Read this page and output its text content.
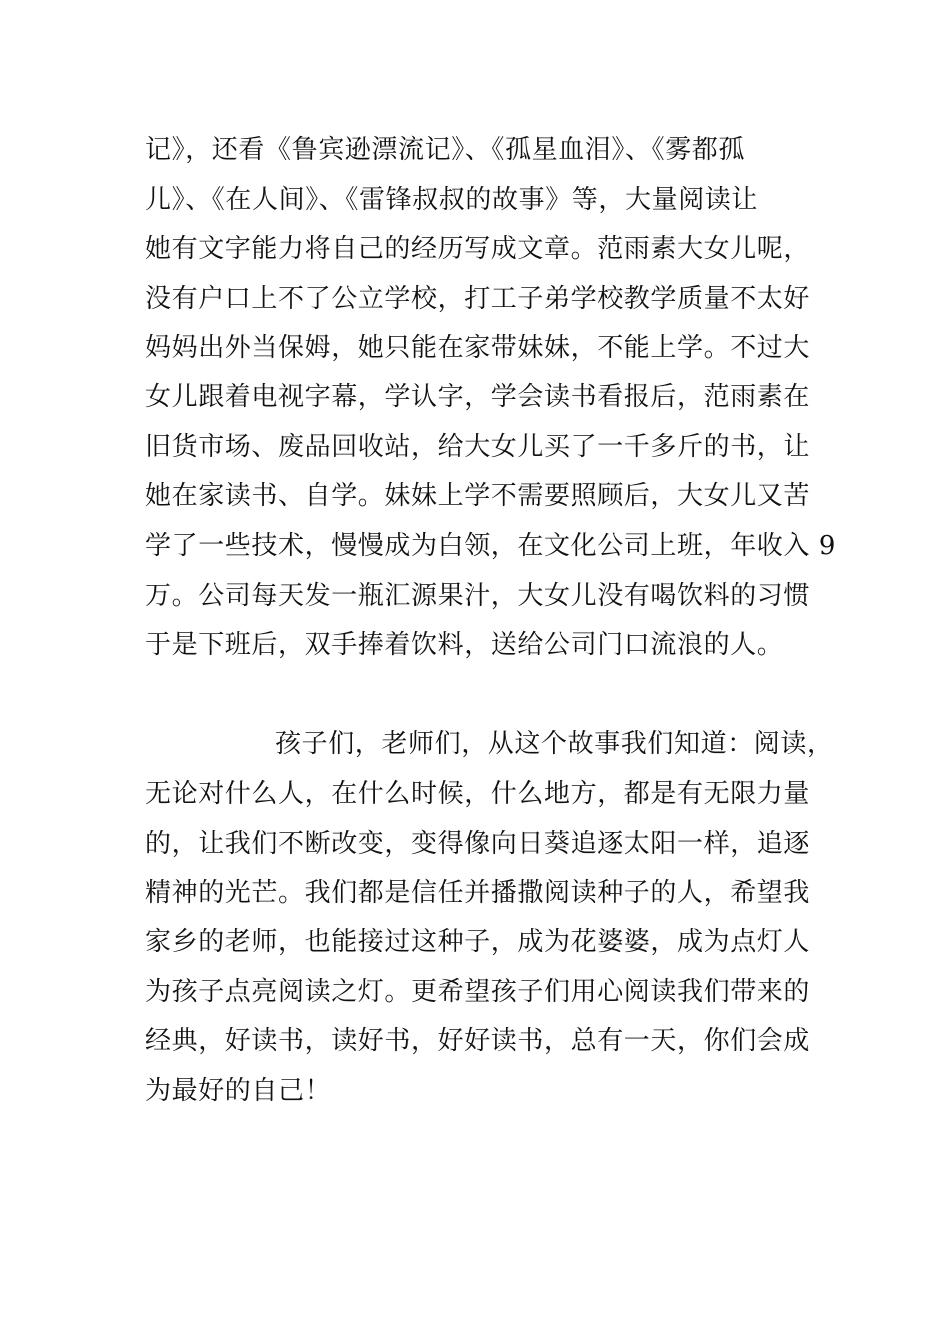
记》，还看《鲁宾逊漂流记》、《孤星血泪》、《雾都孤
儿》、《在人间》、《雷锋叔叔的故事》等，大量阅读让
她有文字能力将自己的经历写成文章。范雨素大女儿呢，
没有户口上不了公立学校，打工子弟学校教学质量不太好
妈妈出外当保姆，她只能在家带妹妹，不能上学。不过大
女儿跟着电视字幕，学认字，学会读书看报后，范雨素在
旧货市场、废品回收站，给大女儿买了一千多斤的书，让
她在家读书、自学。妹妹上学不需要照顾后，大女儿又苦
学了一些技术，慢慢成为白领，在文化公司上班，年收入 9
万。公司每天发一瓶汇源果汁，大女儿没有喝饮料的习惯
于是下班后，双手捧着饮料，送给公司门口流浪的人。
孩子们，老师们，从这个故事我们知道：阅读，
无论对什么人，在什么时候，什么地方，都是有无限力量
的，让我们不断改变，变得像向日葵追逐太阳一样，追逐
精神的光芒。我们都是信任并播撒阅读种子的人，希望我
家乡的老师，也能接过这种子，成为花婆婆，成为点灯人
为孩子点亮阅读之灯。更希望孩子们用心阅读我们带来的
经典，好读书，读好书，好好读书，总有一天，你们会成
为最好的自己！
